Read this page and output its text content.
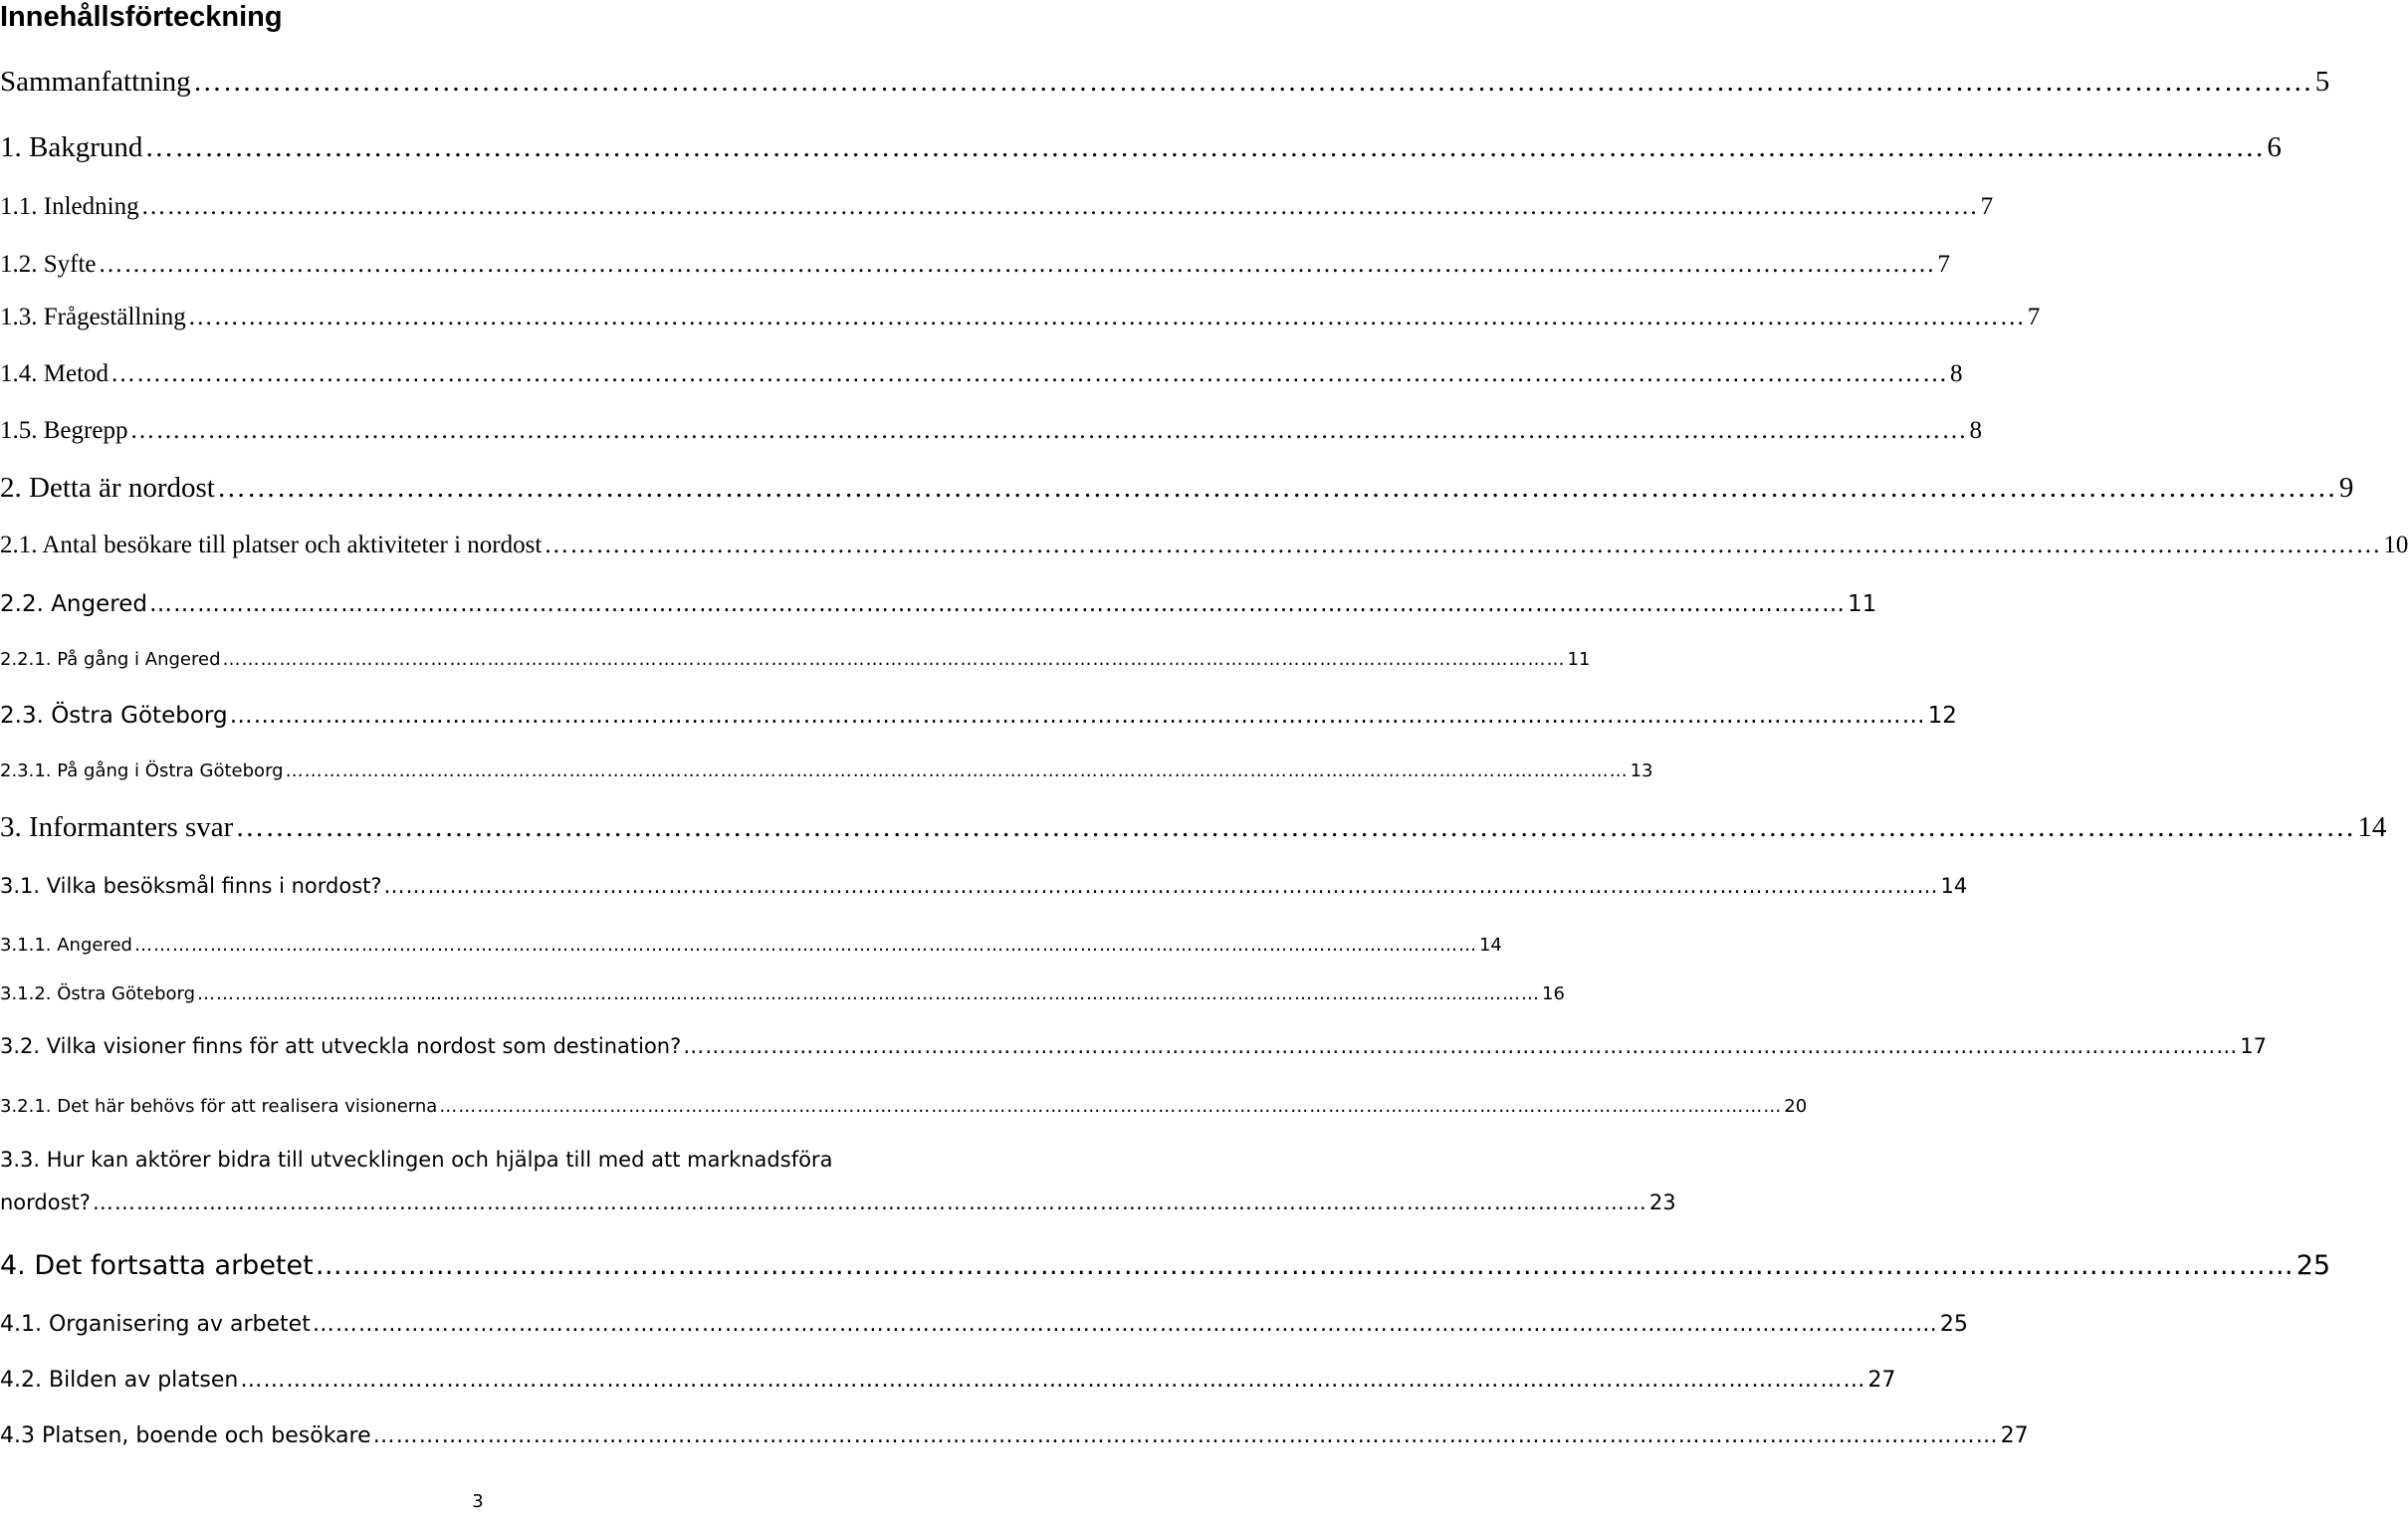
Innehållsförteckning
Sammanfattning …………………………………………………………………………………………………………………………………………………………………………………………… 5
1. Bakgrund …………………………………………………………………………………………………………………………………………………………………………………………… 6
1.1. Inledning …………………………………………………………………………………………………………………………………………………………………………………………… 7
1.2. Syfte …………………………………………………………………………………………………………………………………………………………………………………………… 7
1.3. Frågeställning …………………………………………………………………………………………………………………………………………………………………………………………… 7
1.4. Metod …………………………………………………………………………………………………………………………………………………………………………………………… 8
1.5. Begrepp …………………………………………………………………………………………………………………………………………………………………………………………… 8
2. Detta är nordost …………………………………………………………………………………………………………………………………………………………………………………………… 9
2.1. Antal besökare till platser och aktiviteter i nordost …………………………………………………………………………………………………………………………………………………………………………………………… 10
2.2. Angered …………………………………………………………………………………………………………………………………………………………………………………………… 11
2.2.1. På gång i Angered …………………………………………………………………………………………………………………………………………………………………………………………… 11
2.3. Östra Göteborg …………………………………………………………………………………………………………………………………………………………………………………………… 12
2.3.1. På gång i Östra Göteborg …………………………………………………………………………………………………………………………………………………………………………………………… 13
3. Informanters svar …………………………………………………………………………………………………………………………………………………………………………………………… 14
3.1. Vilka besöksmål finns i nordost? …………………………………………………………………………………………………………………………………………………………………………………………… 14
3.1.1. Angered …………………………………………………………………………………………………………………………………………………………………………………………… 14
3.1.2. Östra Göteborg …………………………………………………………………………………………………………………………………………………………………………………………… 16
3.2. Vilka visioner finns för att utveckla nordost som destination? …………………………………………………………………………………………………………………………………………………………………………………………… 17
3.2.1. Det här behövs för att realisera visionerna …………………………………………………………………………………………………………………………………………………………………………………………… 20
3.3. Hur kan aktörer bidra till utvecklingen och hjälpa till med att marknadsföra
nordost? …………………………………………………………………………………………………………………………………………………………………………………………… 23
4. Det fortsatta arbetet …………………………………………………………………………………………………………………………………………………………………………………………… 25
4.1. Organisering av arbetet …………………………………………………………………………………………………………………………………………………………………………………………… 25
4.2. Bilden av platsen …………………………………………………………………………………………………………………………………………………………………………………………… 27
4.3 Platsen, boende och besökare …………………………………………………………………………………………………………………………………………………………………………………………… 27
3
